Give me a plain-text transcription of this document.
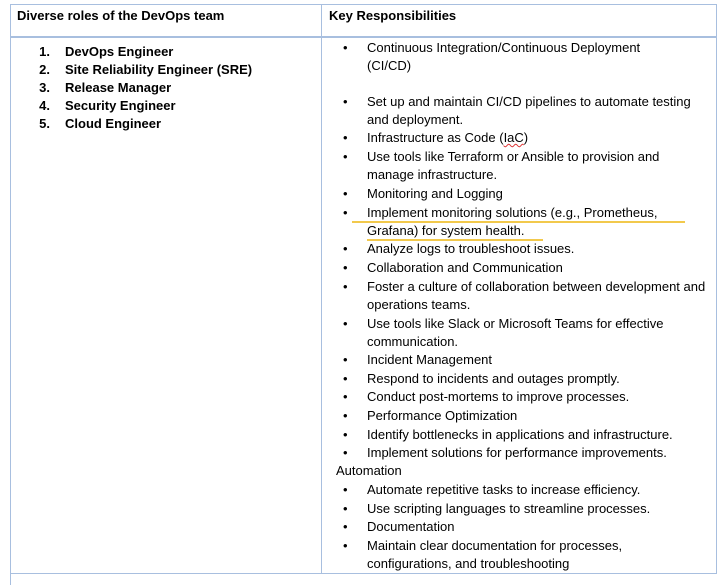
Diverse roles of the DevOps team	Key Responsibilities
1. DevOps Engineer
2. Site Reliability Engineer (SRE)
3. Release Manager
4. Security Engineer
5. Cloud Engineer
• Continuous Integration/Continuous Deployment (CI/CD)
• Set up and maintain CI/CD pipelines to automate testing and deployment.
• Infrastructure as Code (IaC)
• Use tools like Terraform or Ansible to provision and manage infrastructure.
• Monitoring and Logging
• Implement monitoring solutions (e.g., Prometheus,
Grafana) for system health.
• Analyze logs to troubleshoot issues.
• Collaboration and Communication
• Foster a culture of collaboration between development and operations teams.
• Use tools like Slack or Microsoft Teams for effective communication.
• Incident Management
• Respond to incidents and outages promptly.
• Conduct post-mortems to improve processes.
• Performance Optimization
• Identify bottlenecks in applications and infrastructure.
• Implement solutions for performance improvements.
Automation
• Automate repetitive tasks to increase efficiency.
• Use scripting languages to streamline processes.
• Documentation
• Maintain clear documentation for processes, configurations, and troubleshooting
